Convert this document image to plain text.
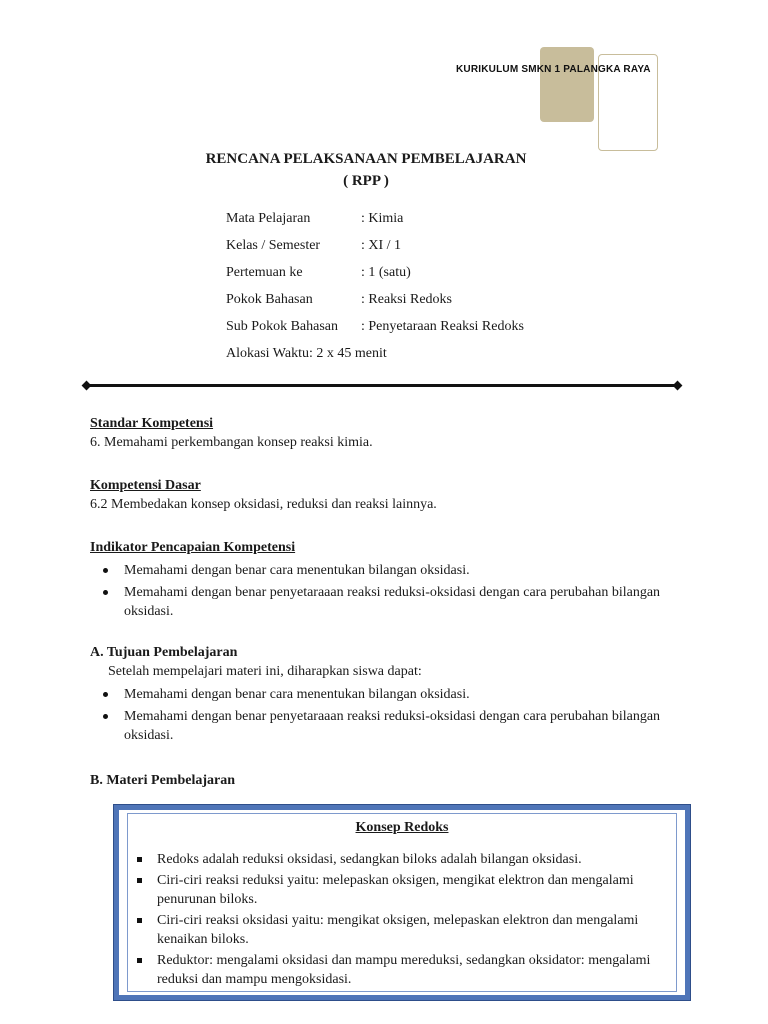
KURIKULUM SMKN 1 PALANGKA RAYA
RENCANA PELAKSANAAN PEMBELAJARAN
( RPP )
Mata Pelajaran	: Kimia
Kelas / Semester	: XI / 1
Pertemuan ke	: 1 (satu)
Pokok Bahasan	: Reaksi Redoks
Sub Pokok Bahasan	: Penyetaraan Reaksi Redoks
Alokasi Waktu: 2 x 45 menit
Standar Kompetensi
6. Memahami perkembangan konsep reaksi kimia.
Kompetensi Dasar
6.2 Membedakan konsep oksidasi, reduksi dan reaksi lainnya.
Indikator Pencapaian Kompetensi
Memahami dengan benar cara menentukan bilangan oksidasi.
Memahami dengan benar penyetaraaan reaksi reduksi-oksidasi dengan cara perubahan bilangan oksidasi.
A. Tujuan Pembelajaran
Setelah mempelajari materi ini, diharapkan siswa dapat:
Memahami dengan benar cara menentukan bilangan oksidasi.
Memahami dengan benar penyetaraaan reaksi reduksi-oksidasi dengan cara perubahan bilangan oksidasi.
B. Materi Pembelajaran
Konsep Redoks
Redoks adalah reduksi oksidasi, sedangkan biloks adalah bilangan oksidasi.
Ciri-ciri reaksi reduksi yaitu: melepaskan oksigen, mengikat elektron dan mengalami penurunan biloks.
Ciri-ciri reaksi oksidasi yaitu: mengikat oksigen, melepaskan elektron dan mengalami kenaikan biloks.
Reduktor: mengalami oksidasi dan mampu mereduksi, sedangkan oksidator: mengalami reduksi dan mampu mengoksidasi.
